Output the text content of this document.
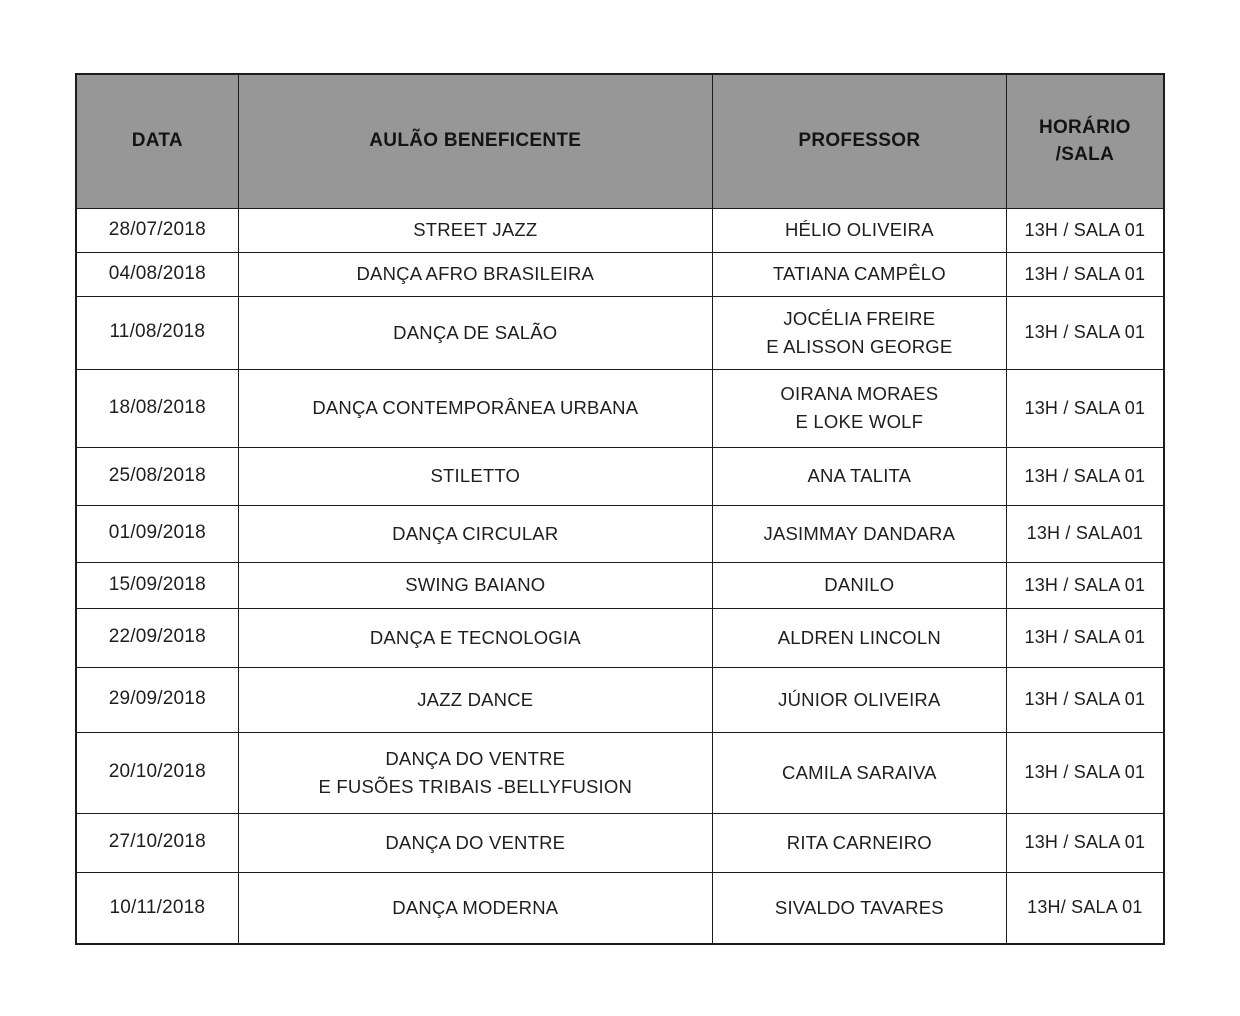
DATA	AULÃO BENEFICENTE	PROFESSOR	HORÁRIO
/SALA

28/07/2018	STREET JAZZ	HÉLIO OLIVEIRA	13H / SALA 01
04/08/2018	DANÇA AFRO BRASILEIRA	TATIANA CAMPÊLO	13H / SALA 01
11/08/2018	DANÇA DE SALÃO	JOCÉLIA FREIRE
E ALISSON GEORGE	13H / SALA 01
18/08/2018	DANÇA CONTEMPORÂNEA URBANA	OIRANA MORAES
E LOKE WOLF	13H / SALA 01
25/08/2018	STILETTO	ANA TALITA	13H / SALA 01
01/09/2018	DANÇA CIRCULAR	JASIMMAY DANDARA	13H / SALA01
15/09/2018	SWING BAIANO	DANILO	13H / SALA 01
22/09/2018	DANÇA E TECNOLOGIA	ALDREN LINCOLN	13H / SALA 01
29/09/2018	JAZZ DANCE	JÚNIOR OLIVEIRA	13H / SALA 01
20/10/2018	DANÇA DO VENTRE
E FUSÕES TRIBAIS -BELLYFUSION	CAMILA SARAIVA	13H / SALA 01
27/10/2018	DANÇA DO VENTRE	RITA CARNEIRO	13H / SALA 01
10/11/2018	DANÇA MODERNA	SIVALDO TAVARES	13H/ SALA 01
